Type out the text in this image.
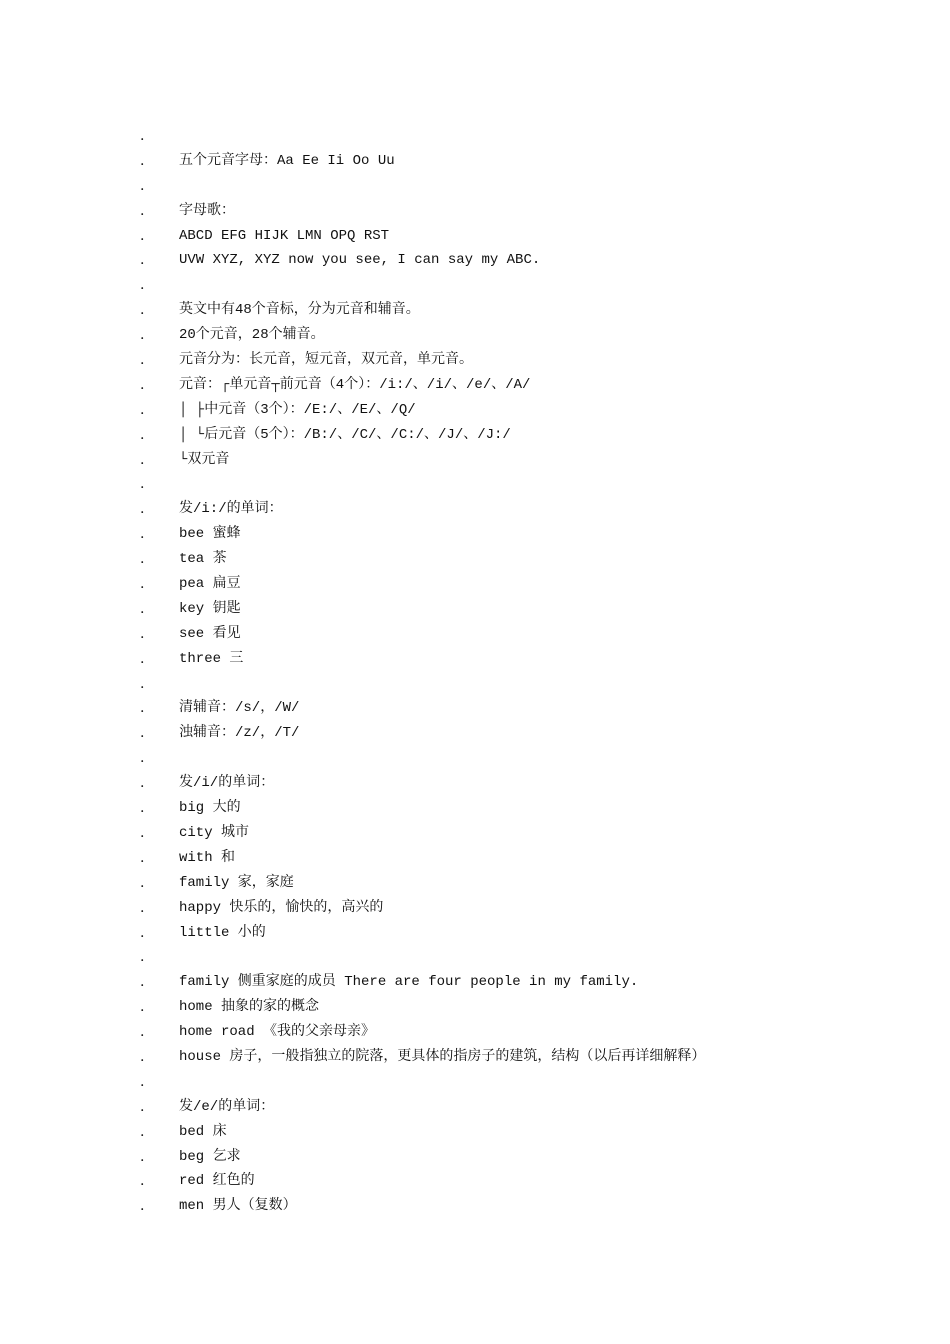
.
.	五个元音字母：Aa Ee Ii Oo Uu
.
.	字母歌：
.	ABCD EFG HIJK LMN OPQ RST
.	UVW XYZ, XYZ now you see, I can say my ABC.
.
.	英文中有48个音标，分为元音和辅音。
.	20个元音，28个辅音。
.	元音分为：长元音，短元音，双元音，单元音。
.	元音：┌单元音┬前元音（4个）：/i:/、/i/、/e/、/A/
.	│ ├中元音（3个）：/E:/、/E/、/Q/
.	│ └后元音（5个）：/B:/、/C/、/C:/、/J/、/J:/
.	└双元音
.
.	发/i:/的单词：
.	bee 蜜蜂
.	tea 茶
.	pea 扁豆
.	key 钥匙
.	see 看见
.	three 三
.
.	清辅音：/s/，/W/
.	浊辅音：/z/，/T/
.
.	发/i/的单词：
.	big 大的
.	city 城市
.	with 和
.	family 家，家庭
.	happy 快乐的，愉快的，高兴的
.	little 小的
.
.	family 侧重家庭的成员 There are four people in my family.
.	home 抽象的家的概念
.	home road 《我的父亲母亲》
.	house 房子，一般指独立的院落，更具体的指房子的建筑，结构（以后再详细解释）
.
.	发/e/的单词：
.	bed 床
.	beg 乞求
.	red 红色的
.	men 男人（复数）
